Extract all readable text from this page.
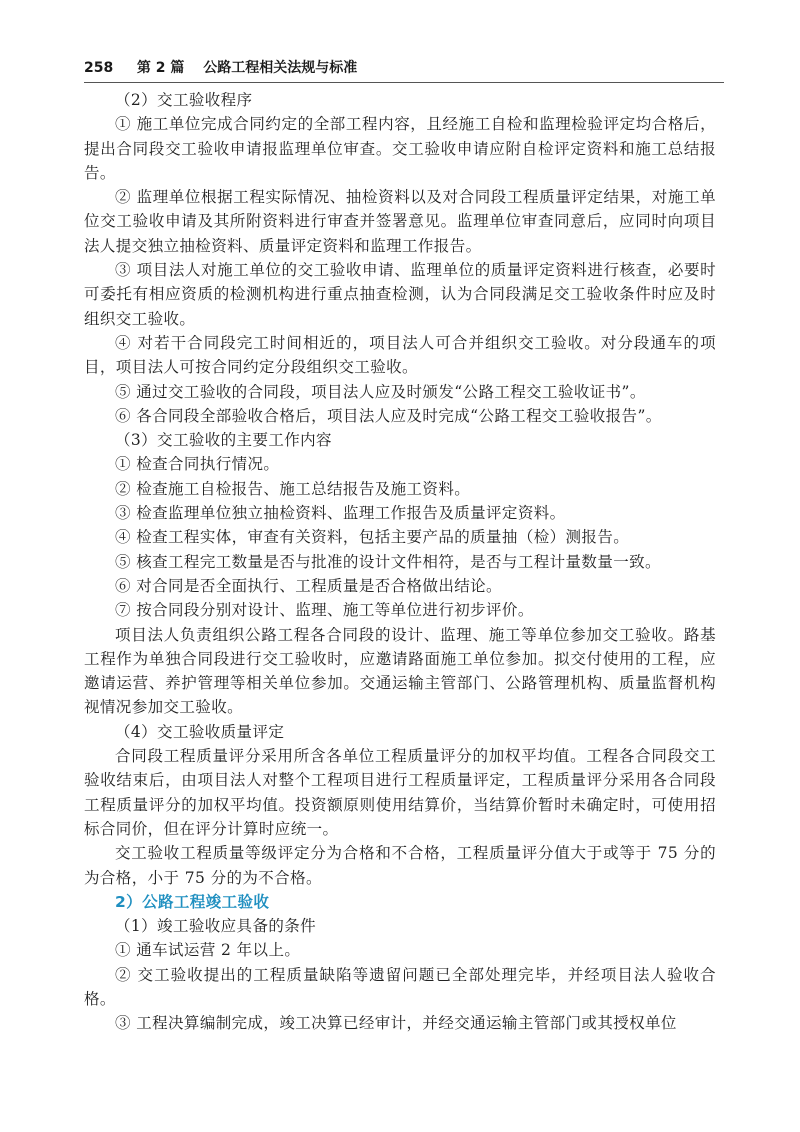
258 第 2 篇 公路工程相关法规与标准

（2）交工验收程序

① 施工单位完成合同约定的全部工程内容，且经施工自检和监理检验评定均合格后，提出合同段交工验收申请报监理单位审查。交工验收申请应附自检评定资料和施工总结报告。

② 监理单位根据工程实际情况、抽检资料以及对合同段工程质量评定结果，对施工单位交工验收申请及其所附资料进行审查并签署意见。监理单位审查同意后，应同时向项目法人提交独立抽检资料、质量评定资料和监理工作报告。

③ 项目法人对施工单位的交工验收申请、监理单位的质量评定资料进行核查，必要时可委托有相应资质的检测机构进行重点抽查检测，认为合同段满足交工验收条件时应及时组织交工验收。

④ 对若干合同段完工时间相近的，项目法人可合并组织交工验收。对分段通车的项目，项目法人可按合同约定分段组织交工验收。

⑤ 通过交工验收的合同段，项目法人应及时颁发“公路工程交工验收证书”。

⑥ 各合同段全部验收合格后，项目法人应及时完成“公路工程交工验收报告”。

（3）交工验收的主要工作内容

① 检查合同执行情况。

② 检查施工自检报告、施工总结报告及施工资料。

③ 检查监理单位独立抽检资料、监理工作报告及质量评定资料。

④ 检查工程实体，审查有关资料，包括主要产品的质量抽（检）测报告。

⑤ 核查工程完工数量是否与批准的设计文件相符，是否与工程计量数量一致。

⑥ 对合同是否全面执行、工程质量是否合格做出结论。

⑦ 按合同段分别对设计、监理、施工等单位进行初步评价。

项目法人负责组织公路工程各合同段的设计、监理、施工等单位参加交工验收。路基工程作为单独合同段进行交工验收时，应邀请路面施工单位参加。拟交付使用的工程，应邀请运营、养护管理等相关单位参加。交通运输主管部门、公路管理机构、质量监督机构视情况参加交工验收。

（4）交工验收质量评定

合同段工程质量评分采用所含各单位工程质量评分的加权平均值。工程各合同段交工验收结束后，由项目法人对整个工程项目进行工程质量评定，工程质量评分采用各合同段工程质量评分的加权平均值。投资额原则使用结算价，当结算价暂时未确定时，可使用招标合同价，但在评分计算时应统一。

交工验收工程质量等级评定分为合格和不合格，工程质量评分值大于或等于 75 分的为合格，小于 75 分的为不合格。

2）公路工程竣工验收

（1）竣工验收应具备的条件

① 通车试运营 2 年以上。

② 交工验收提出的工程质量缺陷等遗留问题已全部处理完毕，并经项目法人验收合格。

③ 工程决算编制完成，竣工决算已经审计，并经交通运输主管部门或其授权单位
